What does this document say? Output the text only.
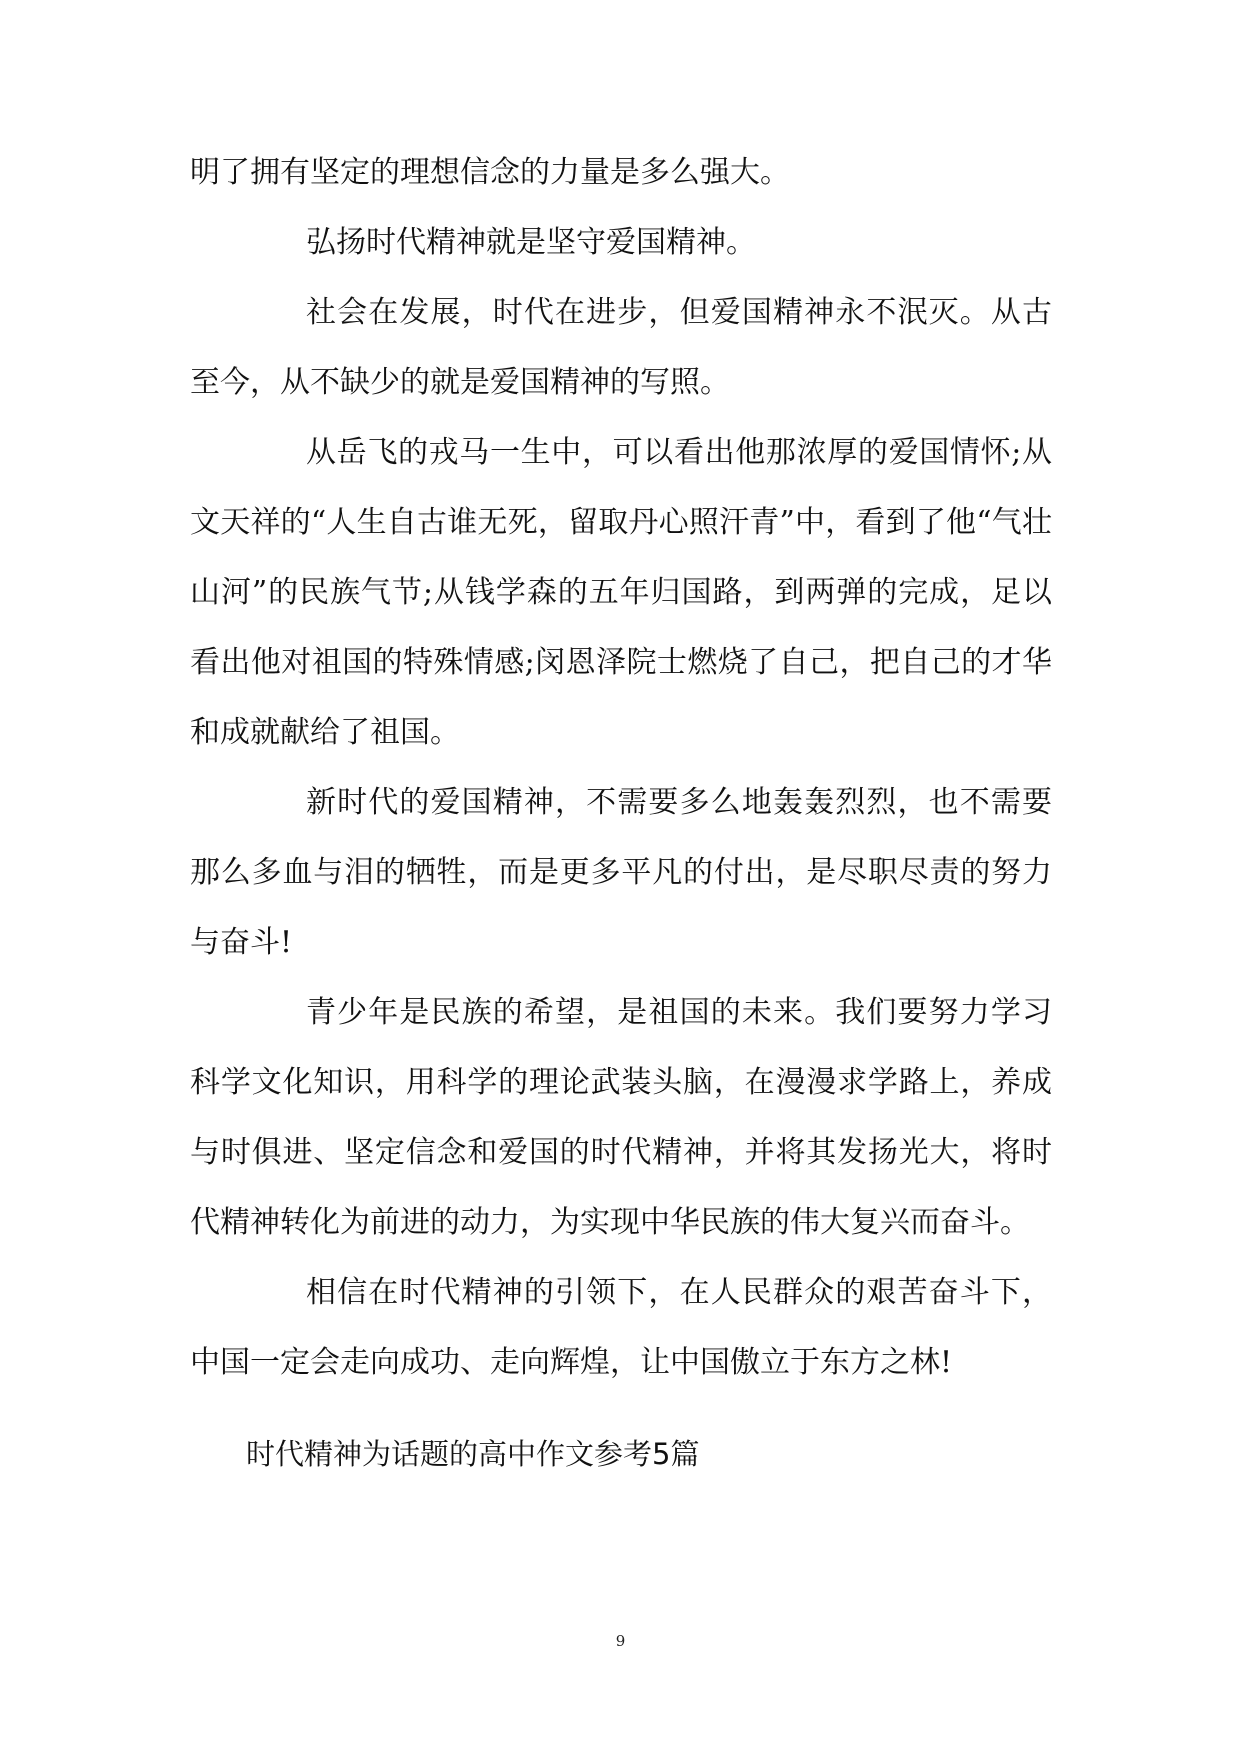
明了拥有坚定的理想信念的力量是多么强大。

弘扬时代精神就是坚守爱国精神。

社会在发展，时代在进步，但爱国精神永不泯灭。从古至今，从不缺少的就是爱国精神的写照。

从岳飞的戎马一生中，可以看出他那浓厚的爱国情怀;从文天祥的“人生自古谁无死，留取丹心照汗青”中，看到了他“气壮山河”的民族气节;从钱学森的五年归国路，到两弹的完成，足以看出他对祖国的特殊情感;闵恩泽院士燃烧了自己，把自己的才华和成就献给了祖国。

新时代的爱国精神，不需要多么地轰轰烈烈，也不需要那么多血与泪的牺牲，而是更多平凡的付出，是尽职尽责的努力与奋斗!

青少年是民族的希望，是祖国的未来。我们要努力学习科学文化知识，用科学的理论武装头脑，在漫漫求学路上，养成与时俱进、坚定信念和爱国的时代精神，并将其发扬光大，将时代精神转化为前进的动力，为实现中华民族的伟大复兴而奋斗。

相信在时代精神的引领下，在人民群众的艰苦奋斗下，中国一定会走向成功、走向辉煌，让中国傲立于东方之林!

时代精神为话题的高中作文参考5篇

9
